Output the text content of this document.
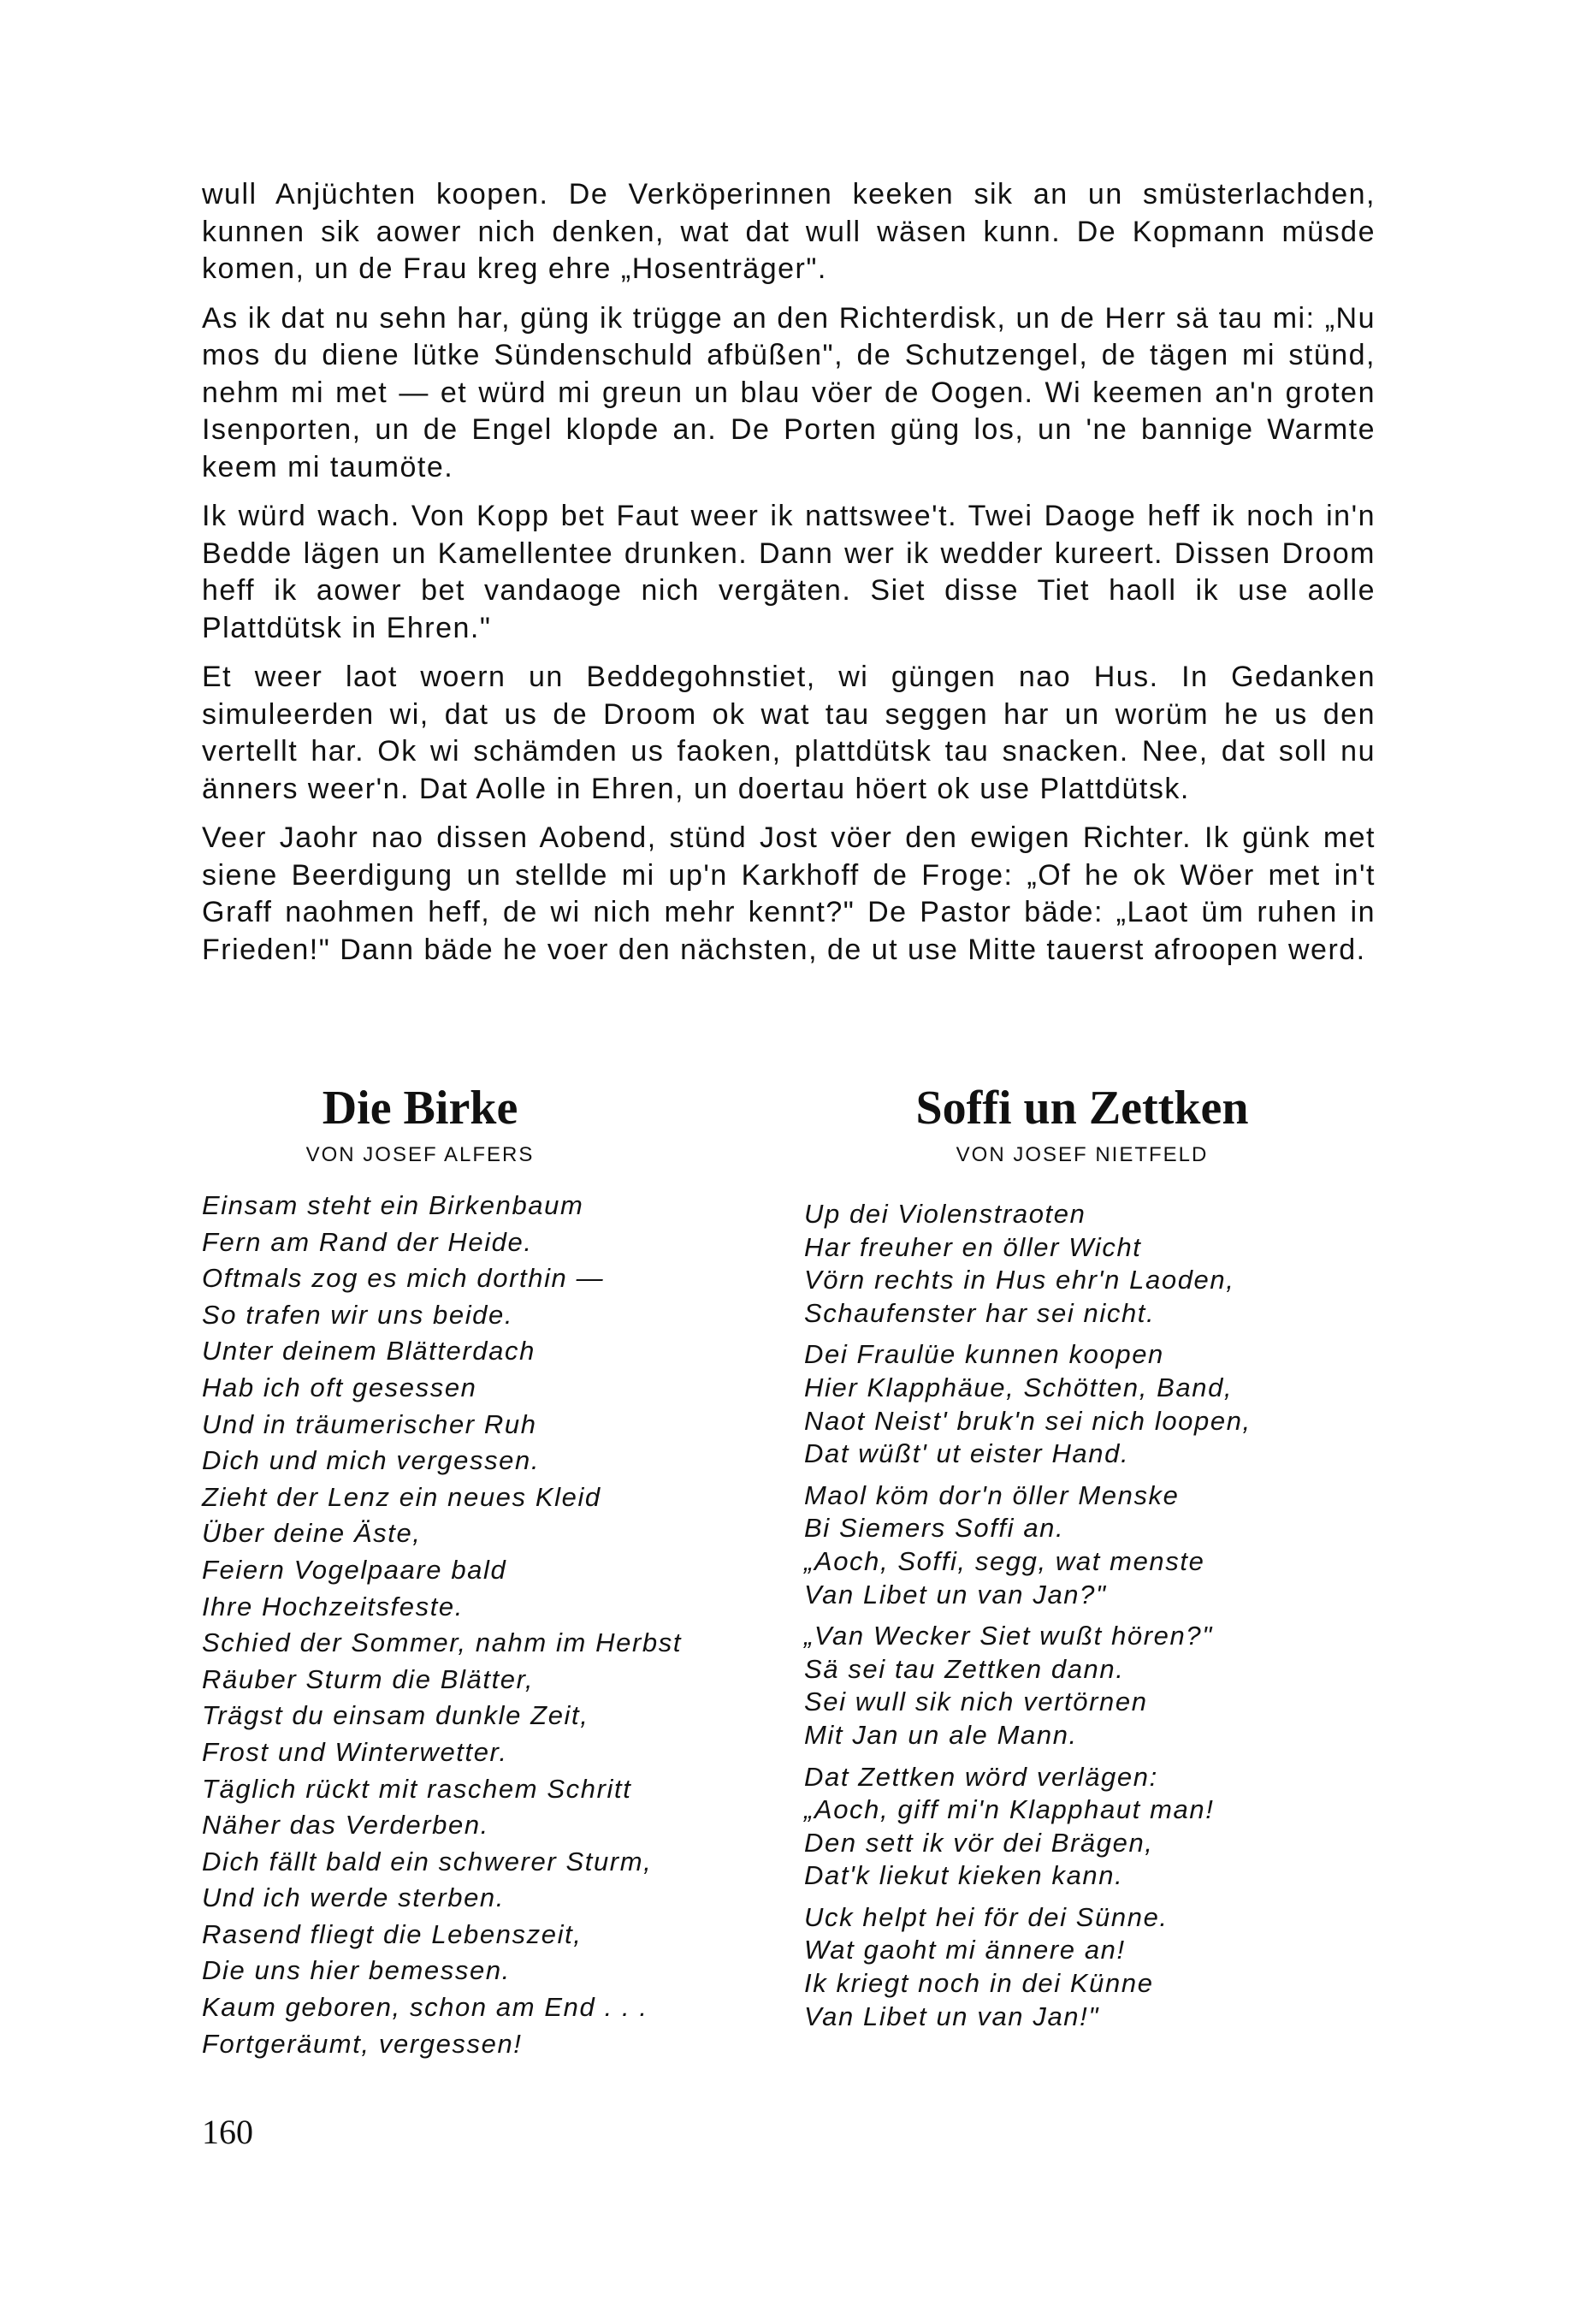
wull Anjüchten koopen. De Verköperinnen keeken sik an un smüsterlachden, kunnen sik aower nich denken, wat dat wull wäsen kunn. De Kopmann müsde komen, un de Frau kreg ehre „Hosenträger".

As ik dat nu sehn har, güng ik trügge an den Richterdisk, un de Herr sä tau mi: „Nu mos du diene lütke Sündenschuld afbüßen", de Schutzengel, de tägen mi stünd, nehm mi met — et würd mi greun un blau vöer de Oogen. Wi keemen an'n groten Isenporten, un de Engel klopde an. De Porten güng los, un 'ne bannige Warmte keem mi taumöte.

Ik würd wach. Von Kopp bet Faut weer ik nattswee't. Twei Daoge heff ik noch in'n Bedde lägen un Kamellentee drunken. Dann wer ik wedder kureert. Dissen Droom heff ik aower bet vandaoge nich vergäten. Siet disse Tiet haoll ik use aolle Plattdütsk in Ehren."

Et weer laot woern un Beddegohnstiet, wi güngen nao Hus. In Gedanken simuleerden wi, dat us de Droom ok wat tau seggen har un worüm he us den vertellt har. Ok wi schämden us faoken, plattdütsk tau snacken. Nee, dat soll nu änners weer'n. Dat Aolle in Ehren, un doertau höert ok use Plattdütsk.

Veer Jaohr nao dissen Aobend, stünd Jost vöer den ewigen Richter. Ik günk met siene Beerdigung un stellde mi up'n Karkhoff de Froge: „Of he ok Wöer met in't Graff naohmen heff, de wi nich mehr kennt?" De Pastor bäde: „Laot üm ruhen in Frieden!" Dann bäde he voer den nächsten, de ut use Mitte tauerst afroopen werd.

Die Birke
VON JOSEF ALFERS
Einsam steht ein Birkenbaum
Fern am Rand der Heide.
Oftmals zog es mich dorthin —
So trafen wir uns beide.
Unter deinem Blätterdach
Hab ich oft gesessen
Und in träumerischer Ruh
Dich und mich vergessen.
Zieht der Lenz ein neues Kleid
Über deine Äste,
Feiern Vogelpaare bald
Ihre Hochzeitsfeste.
Schied der Sommer, nahm im Herbst
Räuber Sturm die Blätter,
Trägst du einsam dunkle Zeit,
Frost und Winterwetter.
Täglich rückt mit raschem Schritt
Näher das Verderben.
Dich fällt bald ein schwerer Sturm,
Und ich werde sterben.
Rasend fliegt die Lebenszeit,
Die uns hier bemessen.
Kaum geboren, schon am End . . .
Fortgeräumt, vergessen!
Soffi un Zettken
VON JOSEF NIETFELD
Up dei Violenstraoten
Har freuher en öller Wicht
Vörn rechts in Hus ehr'n Laoden,
Schaufenster har sei nicht.
Dei Fraulüe kunnen koopen
Hier Klapphäue, Schötten, Band,
Naot Neist' bruk'n sei nich loopen,
Dat wüßt' ut eister Hand.
Maol köm dor'n öller Menske
Bi Siemers Soffi an.
„Aoch, Soffi, segg, wat menste
Van Libet un van Jan?"
„Van Wecker Siet wußt hören?"
Sä sei tau Zettken dann.
Sei wull sik nich vertörnen
Mit Jan un ale Mann.
Dat Zettken wörd verlägen:
„Aoch, giff mi'n Klapphaut man!
Den sett ik vör dei Brägen,
Dat'k liekut kieken kann.
Uck helpt hei för dei Sünne.
Wat gaoht mi ännere an!
Ik kriegt noch in dei Künne
Van Libet un van Jan!"
160
